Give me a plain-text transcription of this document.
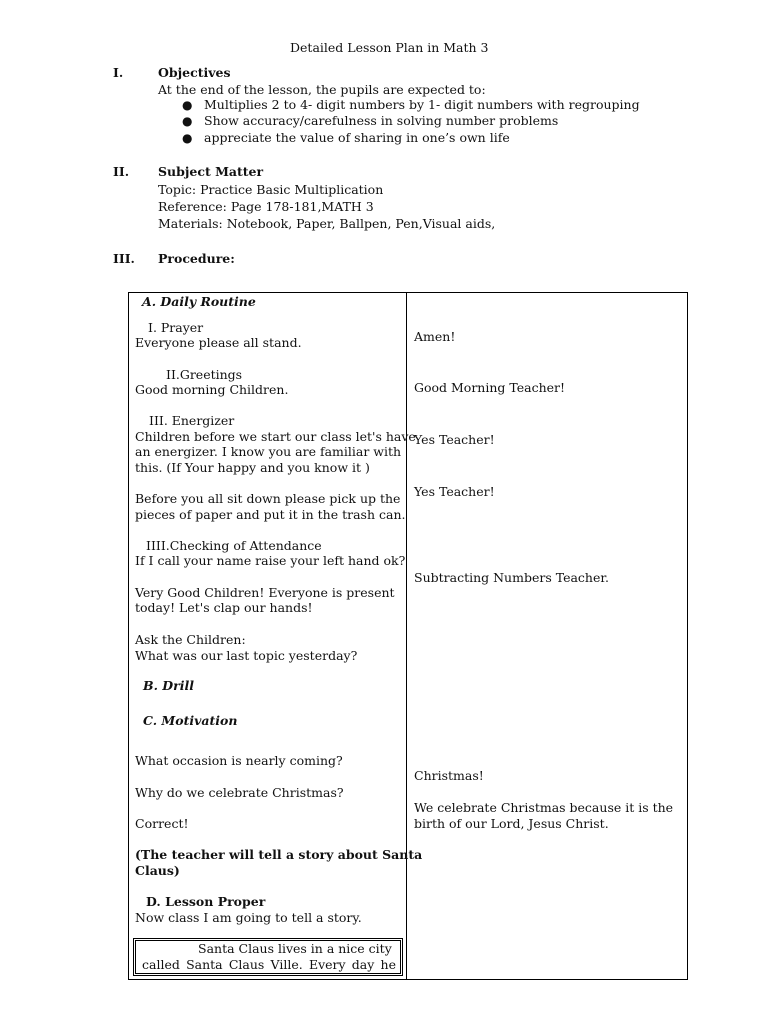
Detailed Lesson Plan in Math 3
I.	Objectives
At the end of the lesson, the pupils are expected to:
● Multiplies 2 to 4- digit numbers by 1- digit numbers with regrouping
● Show accuracy/carefulness in solving number problems
● appreciate the value of sharing in one’s own life
II. Subject Matter
Topic: Practice Basic Multiplication
Reference: Page 178-181,MATH 3
Materials: Notebook, Paper, Ballpen, Pen,Visual aids,
III. Procedure:
A. Daily Routine
I. Prayer
Everyone please all stand.
II.Greetings
Good morning Children.
III. Energizer
Children before we start our class let's have
an energizer. I know you are familiar with
this. (If Your happy and you know it )
Before you all sit down please pick up the
pieces of paper and put it in the trash can.
IIII.Checking of Attendance
If I call your name raise your left hand ok?
Very Good Children! Everyone is present
today! Let's clap our hands!
Ask the Children:
What was our last topic yesterday?
B. Drill
C. Motivation
What occasion is nearly coming?
Why do we celebrate Christmas?
Correct!
(The teacher will tell a story about Santa
Claus)
D. Lesson Proper
Now class I am going to tell a story.
Santa Claus lives in a nice city
called Santa Claus Ville. Every day he
Amen!
Good Morning Teacher!
Yes Teacher!
Yes Teacher!
Subtracting Numbers Teacher.
Christmas!
We celebrate Christmas because it is the
birth of our Lord, Jesus Christ.
